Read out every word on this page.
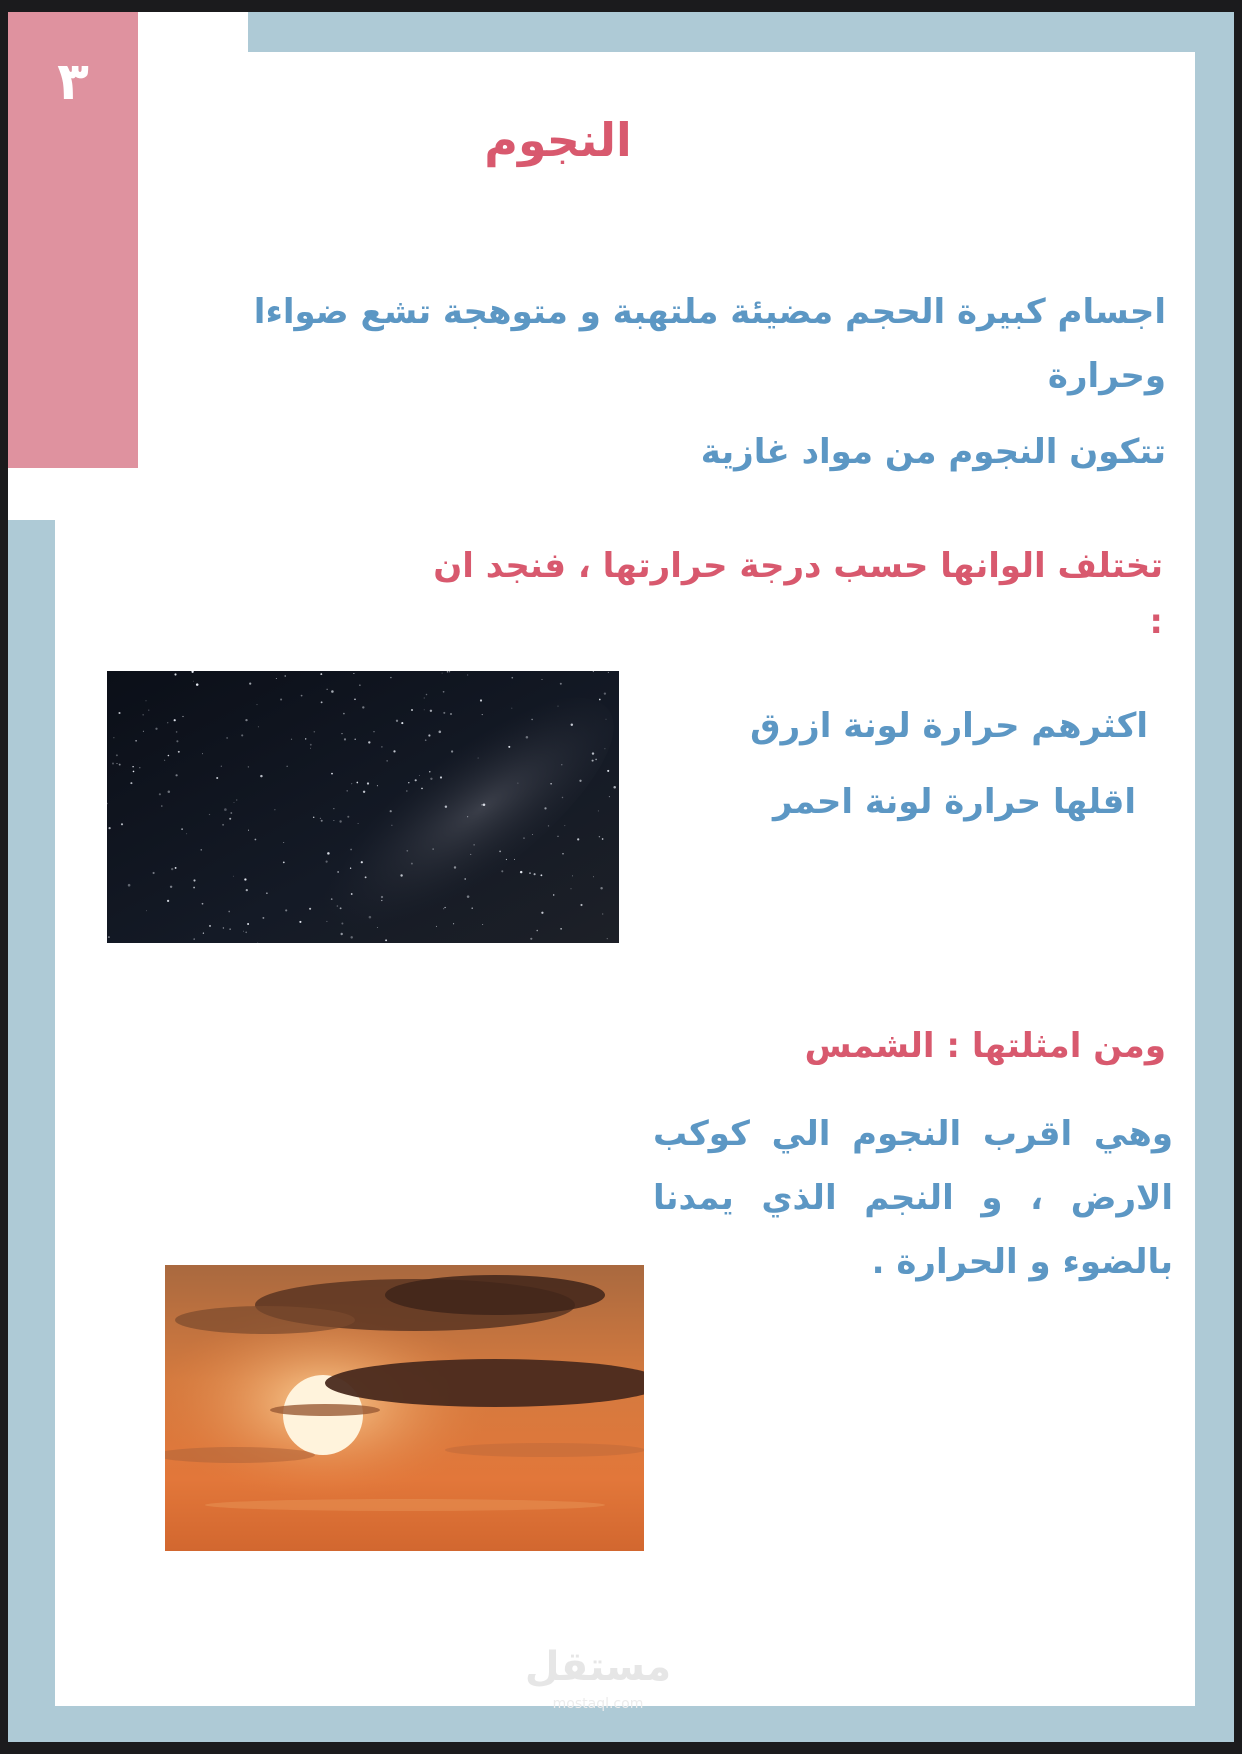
٣
النجوم

اجسام كبيرة الحجم مضيئة ملتهبة و متوهجة تشع ضواءا وحرارة

تتكون النجوم من مواد غازية

تختلف الوانها حسب درجة حرارتها ، فنجد ان :

اكثرهم حرارة لونة ازرق

اقلها حرارة لونة احمر

ومن امثلتها : الشمس

وهي اقرب النجوم الي كوكب الارض ، و النجم الذي يمدنا بالضوء و الحرارة .

مستقل
mostaql.com
